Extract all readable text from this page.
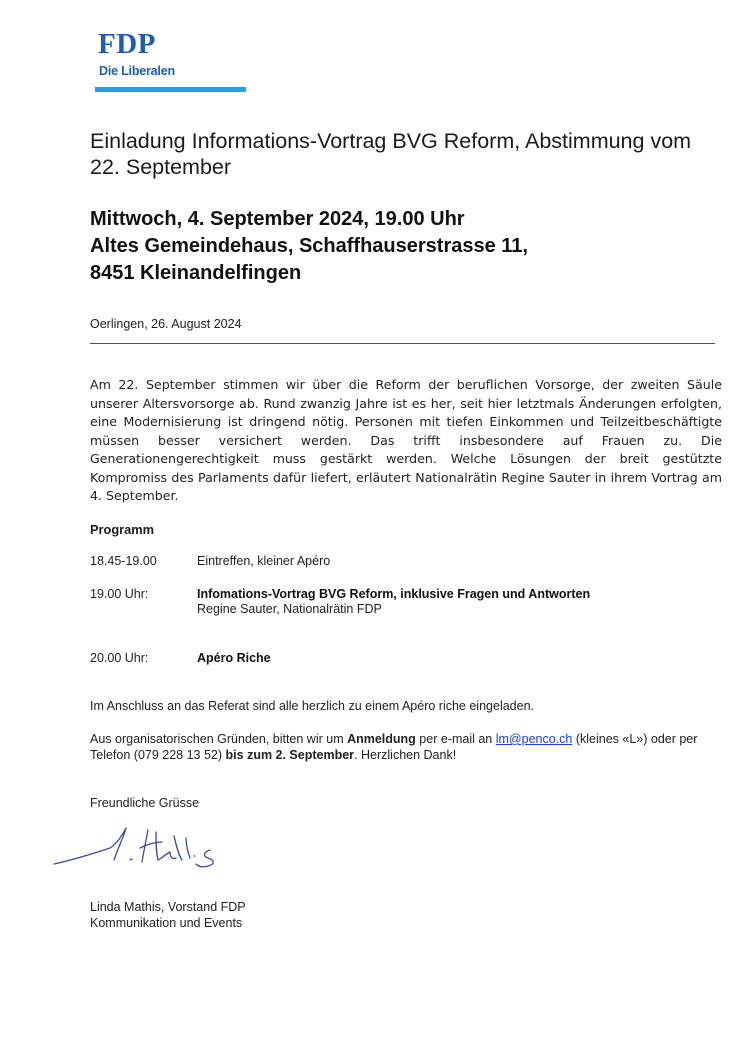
FDP
Die Liberalen
Einladung Informations-Vortrag BVG Reform, Abstimmung vom 22. September
Mittwoch, 4. September 2024, 19.00 Uhr
Altes Gemeindehaus, Schaffhauserstrasse 11,
8451 Kleinandelfingen
Oerlingen, 26. August 2024
Am 22. September stimmen wir über die Reform der beruflichen Vorsorge, der zweiten Säule unserer Altersvorsorge ab. Rund zwanzig Jahre ist es her, seit hier letztmals Änderungen erfolgten, eine Modernisierung ist dringend nötig. Personen mit tiefen Einkommen und Teilzeitbeschäftigte müssen besser versichert werden. Das trifft insbesondere auf Frauen zu. Die Generationengerechtigkeit muss gestärkt werden. Welche Lösungen der breit gestützte Kompromiss des Parlaments dafür liefert, erläutert Nationalrätin Regine Sauter in ihrem Vortrag am 4. September.
Programm
18.45-19.00	Eintreffen, kleiner Apéro
19.00 Uhr:	Infomations-Vortrag BVG Reform, inklusive Fragen und Antworten
Regine Sauter, Nationalrätin FDP
20.00 Uhr:	Apéro Riche
Im Anschluss an das Referat sind alle herzlich zu einem Apéro riche eingeladen.
Aus organisatorischen Gründen, bitten wir um Anmeldung per e-mail an lm@penco.ch (kleines «L») oder per Telefon (079 228 13 52) bis zum 2. September. Herzlichen Dank!
Freundliche Grüsse
Linda Mathis, Vorstand FDP
Kommunikation und Events
